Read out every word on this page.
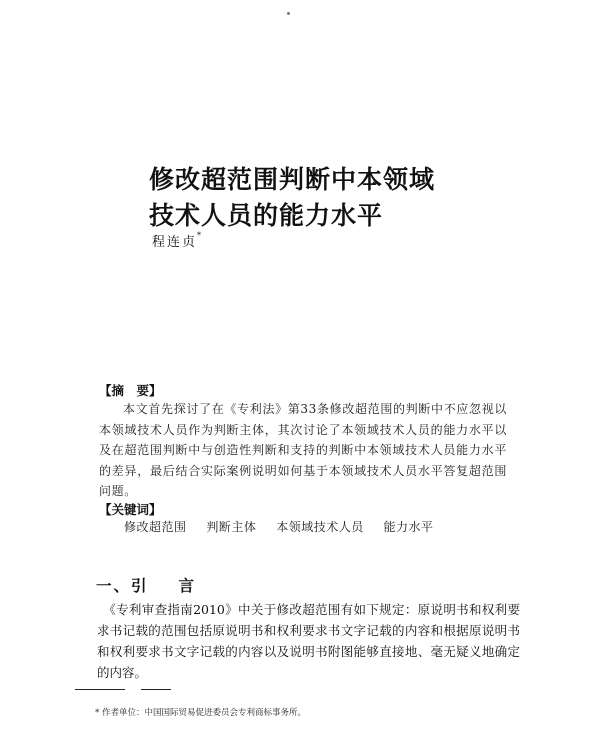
修改超范围判断中本领域
技术人员的能力水平
程连贞*
【摘　要】
本文首先探讨了在《专利法》第33条修改超范围的判断中不应忽视以本领域技术人员作为判断主体，其次讨论了本领域技术人员的能力水平以及在超范围判断中与创造性判断和支持的判断中本领域技术人员能力水平的差异，最后结合实际案例说明如何基于本领域技术人员水平答复超范围问题。
【关键词】
修改超范围 判断主体 本领域技术人员 能力水平
一、引 言
《专利审查指南2010》中关于修改超范围有如下规定：原说明书和权利要求书记载的范围包括原说明书和权利要求书文字记载的内容和根据原说明书和权利要求书文字记载的内容以及说明书附图能够直接地、毫无疑义地确定的内容。
* 作者单位：中国国际贸易促进委员会专利商标事务所。
